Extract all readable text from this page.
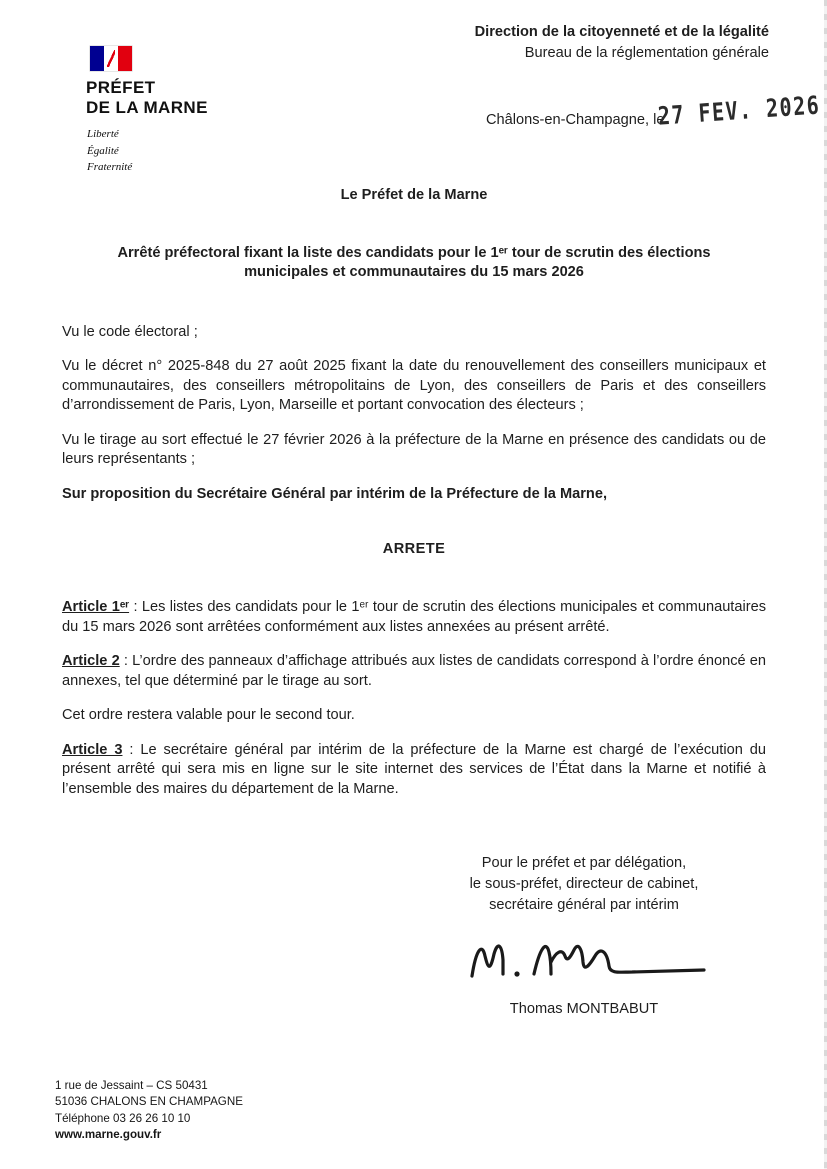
PRÉFET
DE LA MARNE
Liberté
Égalité
Fraternité
Direction de la citoyenneté et de la légalité
Bureau de la réglementation générale
Châlons-en-Champagne, le
27 FEV. 2026
Le Préfet de la Marne
Arrêté préfectoral fixant la liste des candidats pour le 1ᵉʳ tour de scrutin des élections municipales et communautaires du 15 mars 2026

Vu le code électoral ;

Vu le décret n° 2025-848 du 27 août 2025 fixant la date du renouvellement des conseillers municipaux et communautaires, des conseillers métropolitains de Lyon, des conseillers de Paris et des conseillers d’arrondissement de Paris, Lyon, Marseille et portant convocation des électeurs ;

Vu le tirage au sort effectué le 27 février 2026 à la préfecture de la Marne en présence des candidats ou de leurs représentants ;

Sur proposition du Secrétaire Général par intérim de la Préfecture de la Marne,

ARRETE

Article 1ᵉʳ : Les listes des candidats pour le 1ᵉʳ tour de scrutin des élections municipales et communautaires du 15 mars 2026 sont arrêtées conformément aux listes annexées au présent arrêté.

Article 2 : L’ordre des panneaux d’affichage attribués aux listes de candidats correspond à l’ordre énoncé en annexes, tel que déterminé par le tirage au sort.

Cet ordre restera valable pour le second tour.

Article 3 : Le secrétaire général par intérim de la préfecture de la Marne est chargé de l’exécution du présent arrêté qui sera mis en ligne sur le site internet des services de l’État dans la Marne et notifié à l’ensemble des maires du département de la Marne.

Pour le préfet et par délégation,
le sous-préfet, directeur de cabinet,
secrétaire général par intérim
Thomas MONTBABUT
1 rue de Jessaint – CS 50431
51036 CHALONS EN CHAMPAGNE
Téléphone 03 26 26 10 10
www.marne.gouv.fr
